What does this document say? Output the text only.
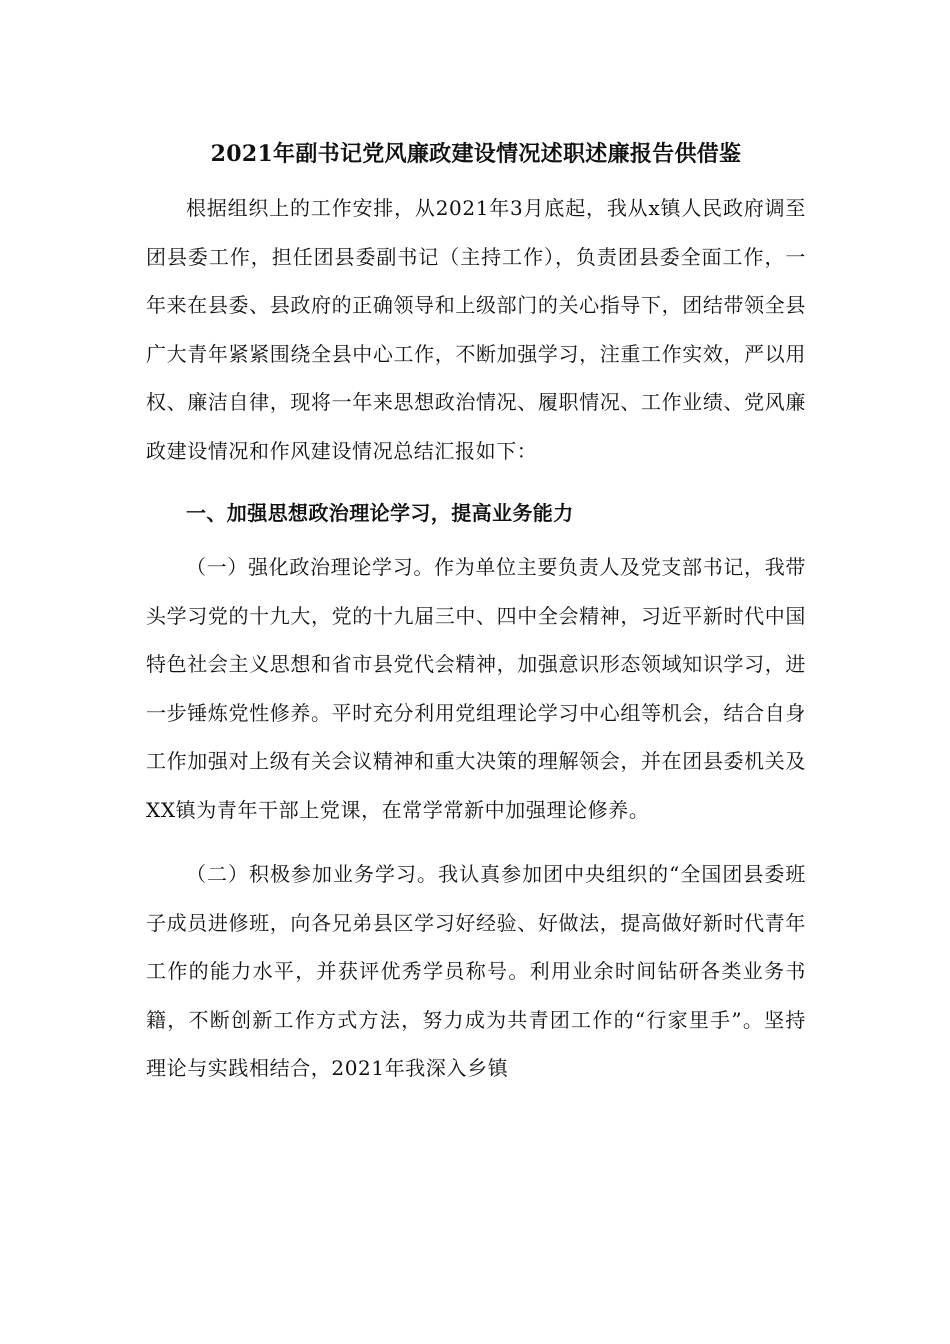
2021年副书记党风廉政建设情况述职述廉报告供借鉴

根据组织上的工作安排，从2021年3月底起，我从x镇人民政府调至团县委工作，担任团县委副书记（主持工作），负责团县委全面工作，一年来在县委、县政府的正确领导和上级部门的关心指导下，团结带领全县广大青年紧紧围绕全县中心工作，不断加强学习，注重工作实效，严以用权、廉洁自律，现将一年来思想政治情况、履职情况、工作业绩、党风廉政建设情况和作风建设情况总结汇报如下：

一、加强思想政治理论学习，提高业务能力

（一）强化政治理论学习。作为单位主要负责人及党支部书记，我带头学习党的十九大，党的十九届三中、四中全会精神，习近平新时代中国特色社会主义思想和省市县党代会精神，加强意识形态领域知识学习，进一步锤炼党性修养。平时充分利用党组理论学习中心组等机会，结合自身工作加强对上级有关会议精神和重大决策的理解领会，并在团县委机关及XX镇为青年干部上党课，在常学常新中加强理论修养。

（二）积极参加业务学习。我认真参加团中央组织的“全国团县委班子成员进修班，向各兄弟县区学习好经验、好做法，提高做好新时代青年工作的能力水平，并获评优秀学员称号。利用业余时间钻研各类业务书籍，不断创新工作方式方法，努力成为共青团工作的“行家里手”。坚持理论与实践相结合，2021年我深入乡镇
